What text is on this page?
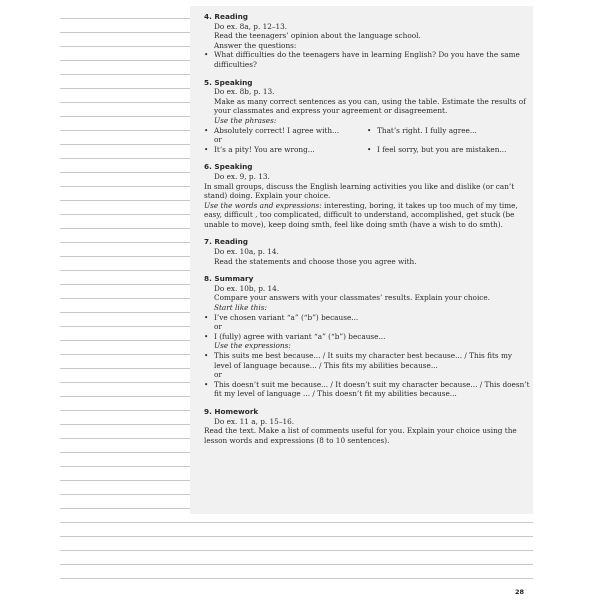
4. Reading
Do ex. 8a, p. 12–13.
Read the teenagers’ opinion about the language school.
Answer the questions:
• What difficulties do the teenagers have in learning English? Do you have the same difficulties?
5. Speaking
Do ex. 8b, p. 13.
Make as many correct sentences as you can, using the table. Estimate the results of your classmates and express your agreement or disagreement.
Use the phrases:
• Absolutely correct! I agree with...	• That’s right. I fully agree...
or
• It’s a pity! You are wrong...	• I feel sorry, but you are mistaken...
6. Speaking
Do ex. 9, p. 13.
In small groups, discuss the English learning activities you like and dislike (or can’t stand) doing. Explain your choice.
Use the words and expressions: interesting, boring, it takes up too much of my time, easy, difficult , too complicated, difficult to understand, accomplished, get stuck (be unable to move), keep doing smth, feel like doing smth (have a wish to do smth).
7. Reading
Do ex. 10a, p. 14.
Read the statements and choose those you agree with.
8. Summary
Do ex. 10b, p. 14.
Compare your answers with your classmates’ results. Explain your choice.
Start like this:
• I’ve chosen variant “a” (“b”) because...
or
• I (fully) agree with variant “a” (“b”) because...
Use the expressions:
• This suits me best because... / It suits my character best because... / This fits my level of language because... / This fits my abilities because...
or
• This doesn’t suit me because... / It doesn’t suit my character because... / This doesn’t fit my level of language ... / This doesn’t fit my abilities because...
9. Homework
Do ex. 11 a, p. 15–16.
Read the text. Make a list of comments useful for you. Explain your choice using the lesson words and expressions (8 to 10 sentences).
28
